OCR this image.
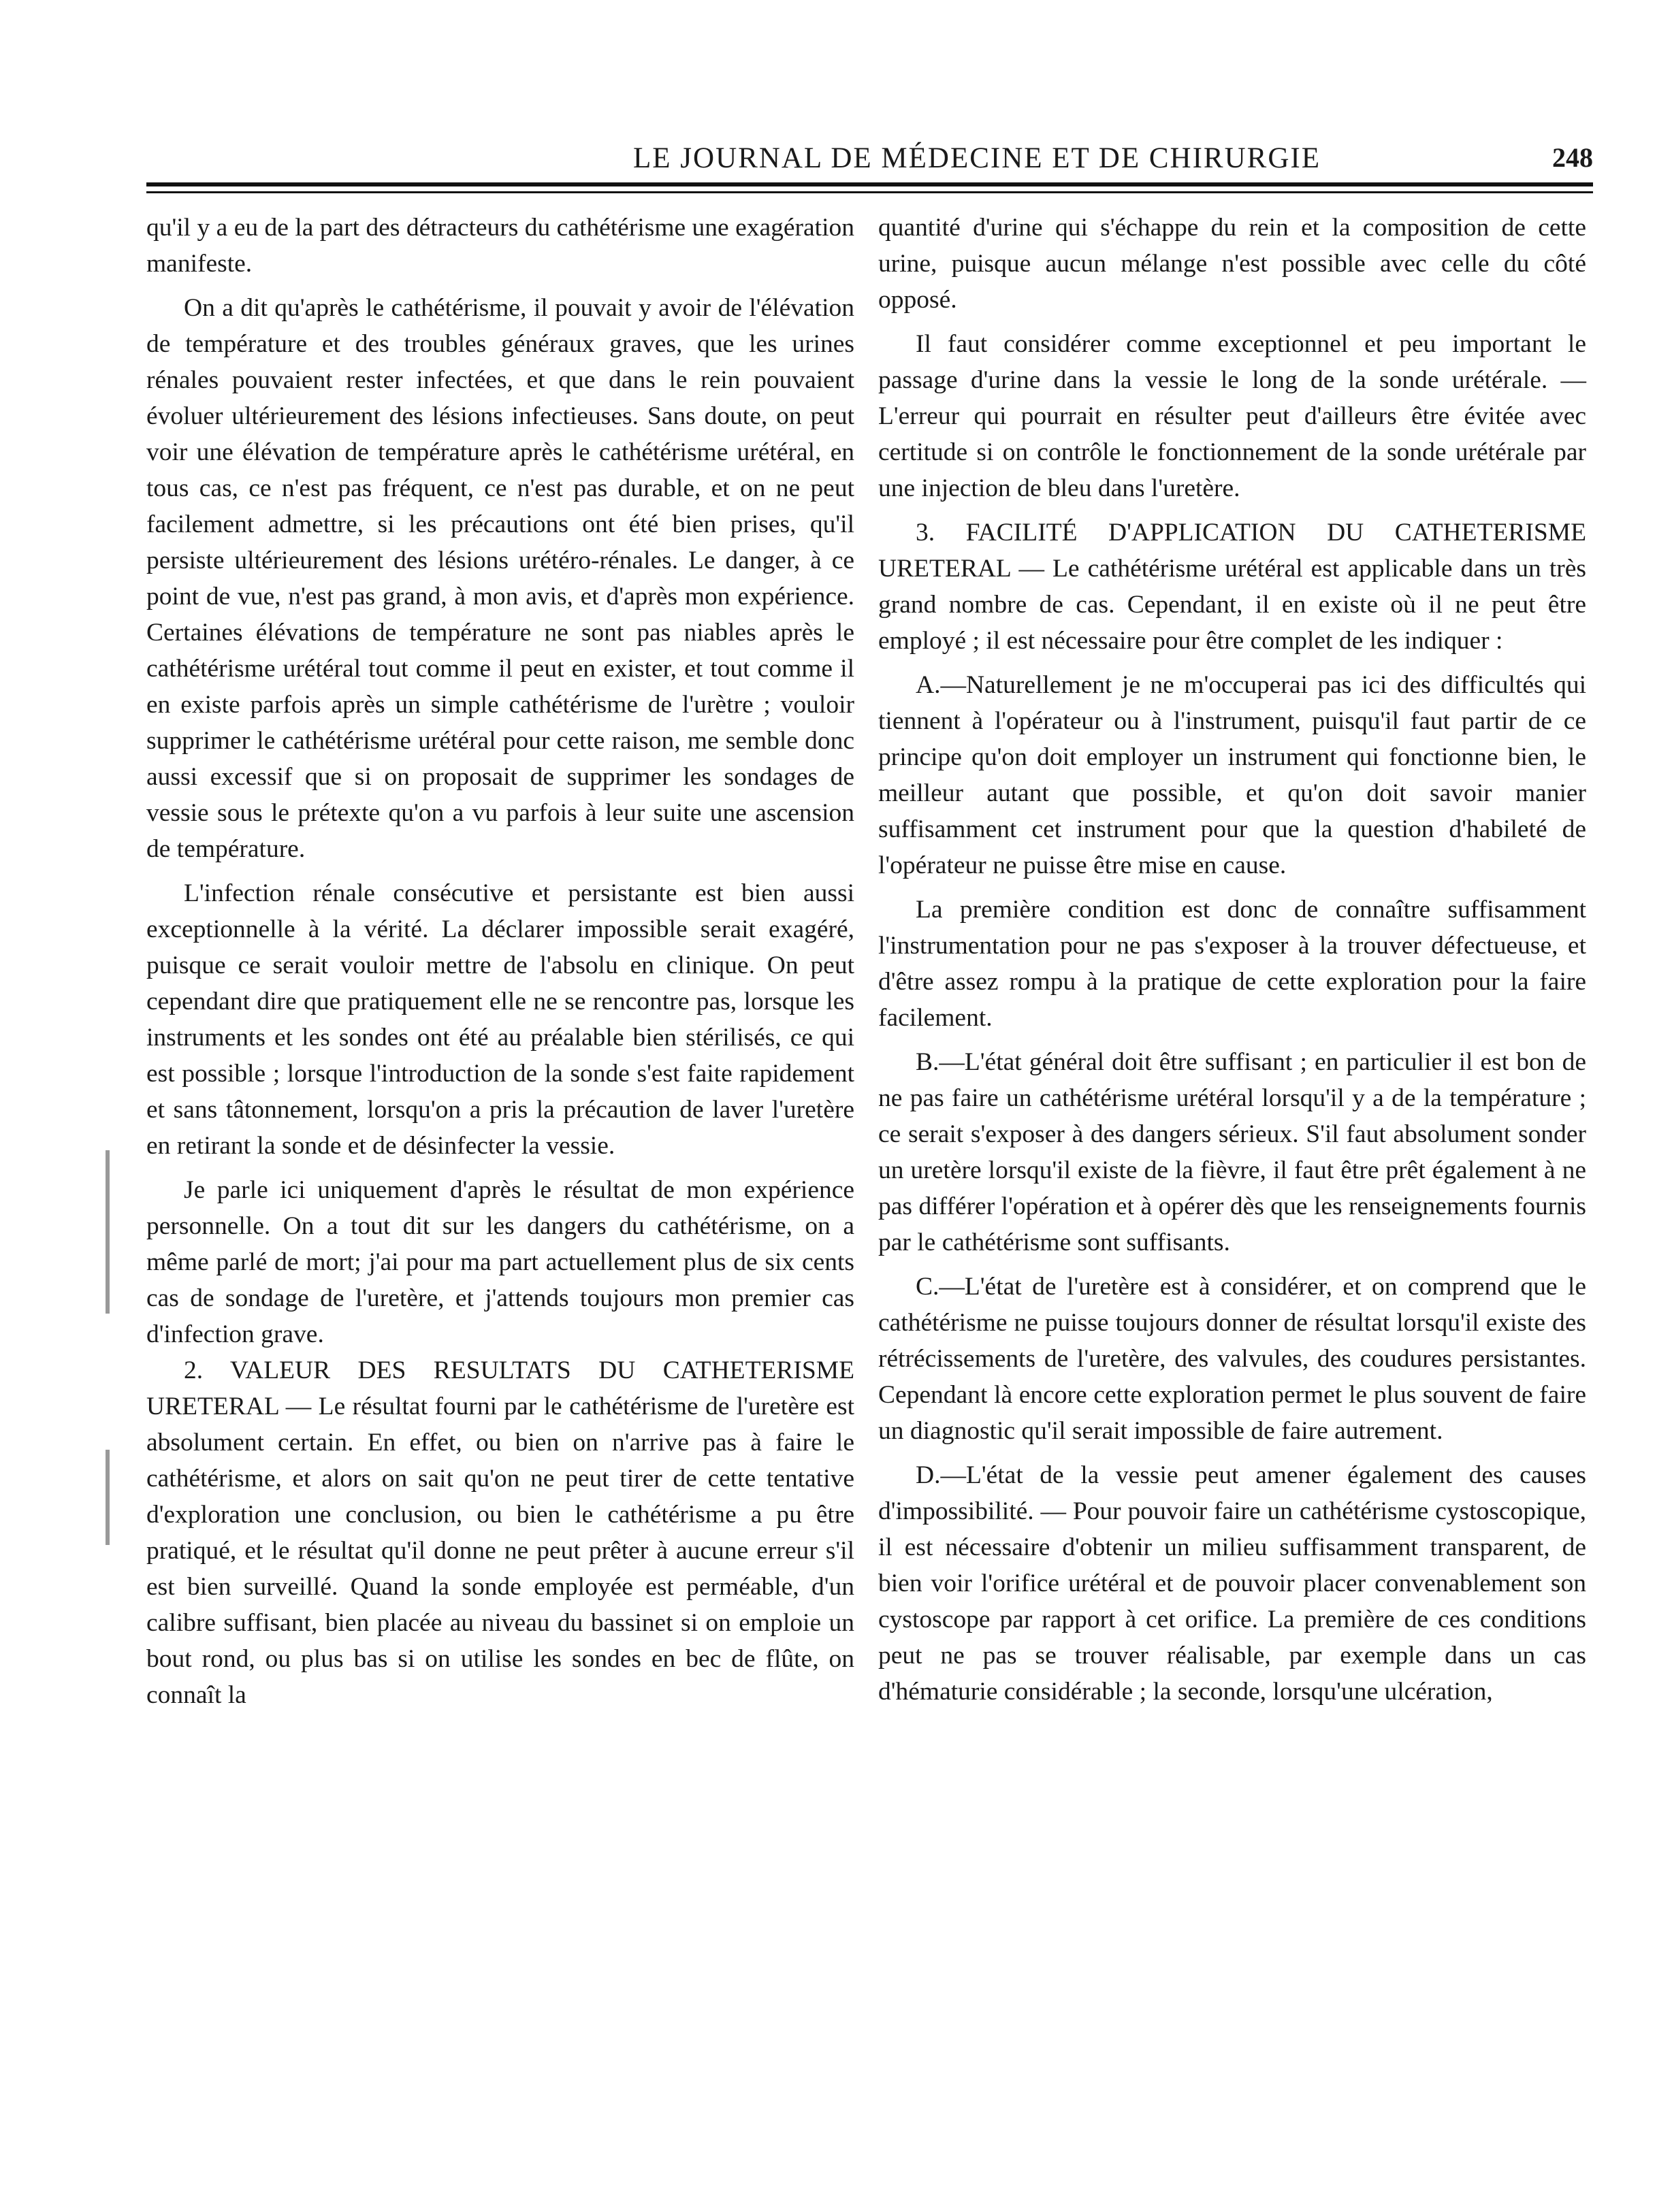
LE JOURNAL DE MÉDECINE ET DE CHIRURGIE	248

qu'il y a eu de la part des détracteurs du cathétérisme une exagération manifeste.

On a dit qu'après le cathétérisme, il pouvait y avoir de l'élévation de température et des troubles généraux graves, que les urines rénales pouvaient rester infectées, et que dans le rein pouvaient évoluer ultérieurement des lésions infectieuses. Sans doute, on peut voir une élévation de température après le cathétérisme urétéral, en tous cas, ce n'est pas fréquent, ce n'est pas durable, et on ne peut facilement admettre, si les précautions ont été bien prises, qu'il persiste ultérieurement des lésions urétéro-rénales. Le danger, à ce point de vue, n'est pas grand, à mon avis, et d'après mon expérience. Certaines élévations de température ne sont pas niables après le cathétérisme urétéral tout comme il peut en exister, et tout comme il en existe parfois après un simple cathétérisme de l'urètre ; vouloir supprimer le cathétérisme urétéral pour cette raison, me semble donc aussi excessif que si on proposait de supprimer les sondages de vessie sous le prétexte qu'on a vu parfois à leur suite une ascension de température.

L'infection rénale consécutive et persistante est bien aussi exceptionnelle à la vérité. La déclarer impossible serait exagéré, puisque ce serait vouloir mettre de l'absolu en clinique. On peut cependant dire que pratiquement elle ne se rencontre pas, lorsque les instruments et les sondes ont été au préalable bien stérilisés, ce qui est possible ; lorsque l'introduction de la sonde s'est faite rapidement et sans tâtonnement, lorsqu'on a pris la précaution de laver l'uretère en retirant la sonde et de désinfecter la vessie.

Je parle ici uniquement d'après le résultat de mon expérience personnelle. On a tout dit sur les dangers du cathétérisme, on a même parlé de mort; j'ai pour ma part actuellement plus de six cents cas de sondage de l'uretère, et j'attends toujours mon premier cas d'infection grave.

2. VALEUR DES RESULTATS DU CATHETERISME URETERAL — Le résultat fourni par le cathétérisme de l'uretère est absolument certain. En effet, ou bien on n'arrive pas à faire le cathétérisme, et alors on sait qu'on ne peut tirer de cette tentative d'exploration une conclusion, ou bien le cathétérisme a pu être pratiqué, et le résultat qu'il donne ne peut prêter à aucune erreur s'il est bien surveillé. Quand la sonde employée est perméable, d'un calibre suffisant, bien placée au niveau du bassinet si on emploie un bout rond, ou plus bas si on utilise les sondes en bec de flûte, on connaît la

quantité d'urine qui s'échappe du rein et la composition de cette urine, puisque aucun mélange n'est possible avec celle du côté opposé.

Il faut considérer comme exceptionnel et peu important le passage d'urine dans la vessie le long de la sonde urétérale. — L'erreur qui pourrait en résulter peut d'ailleurs être évitée avec certitude si on contrôle le fonctionnement de la sonde urétérale par une injection de bleu dans l'uretère.

3. FACILITÉ D'APPLICATION DU CATHETERISME URETERAL — Le cathétérisme urétéral est applicable dans un très grand nombre de cas. Cependant, il en existe où il ne peut être employé ; il est nécessaire pour être complet de les indiquer :

A.—Naturellement je ne m'occuperai pas ici des difficultés qui tiennent à l'opérateur ou à l'instrument, puisqu'il faut partir de ce principe qu'on doit employer un instrument qui fonctionne bien, le meilleur autant que possible, et qu'on doit savoir manier suffisamment cet instrument pour que la question d'habileté de l'opérateur ne puisse être mise en cause.

La première condition est donc de connaître suffisamment l'instrumentation pour ne pas s'exposer à la trouver défectueuse, et d'être assez rompu à la pratique de cette exploration pour la faire facilement.

B.—L'état général doit être suffisant ; en particulier il est bon de ne pas faire un cathétérisme urétéral lorsqu'il y a de la température ; ce serait s'exposer à des dangers sérieux. S'il faut absolument sonder un uretère lorsqu'il existe de la fièvre, il faut être prêt également à ne pas différer l'opération et à opérer dès que les renseignements fournis par le cathétérisme sont suffisants.

C.—L'état de l'uretère est à considérer, et on comprend que le cathétérisme ne puisse toujours donner de résultat lorsqu'il existe des rétrécissements de l'uretère, des valvules, des coudures persistantes. Cependant là encore cette exploration permet le plus souvent de faire un diagnostic qu'il serait impossible de faire autrement.

D.—L'état de la vessie peut amener également des causes d'impossibilité. — Pour pouvoir faire un cathétérisme cystoscopique, il est nécessaire d'obtenir un milieu suffisamment transparent, de bien voir l'orifice urétéral et de pouvoir placer convenablement son cystoscope par rapport à cet orifice. La première de ces conditions peut ne pas se trouver réalisable, par exemple dans un cas d'hématurie considérable ; la seconde, lorsqu'une ulcération,
